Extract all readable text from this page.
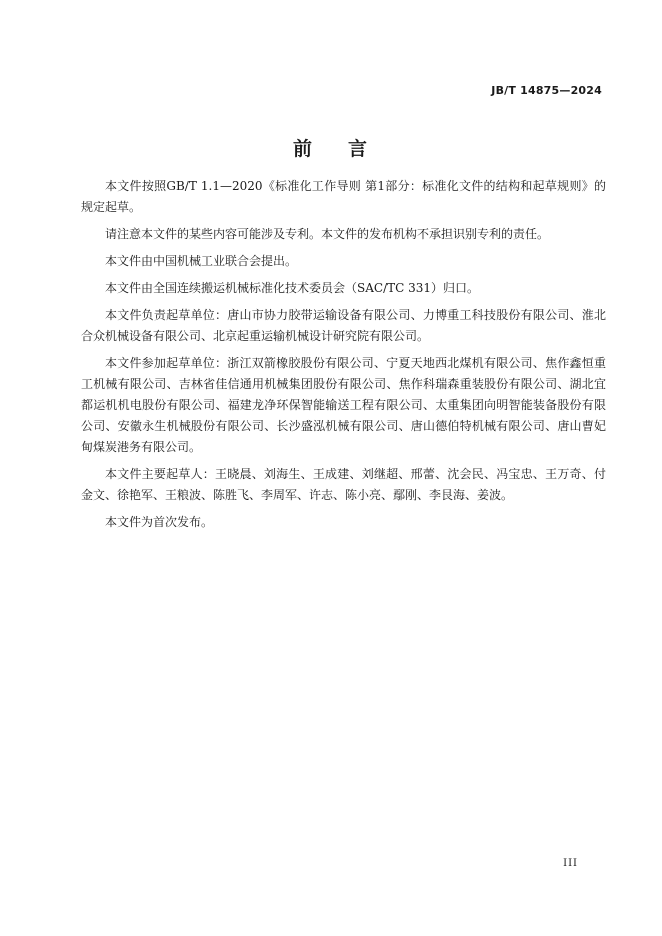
JB/T 14875—2024
前 言

本文件按照GB/T 1.1—2020《标准化工作导则 第1部分：标准化文件的结构和起草规则》的规定起草。

请注意本文件的某些内容可能涉及专利。本文件的发布机构不承担识别专利的责任。

本文件由中国机械工业联合会提出。

本文件由全国连续搬运机械标准化技术委员会（SAC/TC 331）归口。

本文件负责起草单位：唐山市协力胶带运输设备有限公司、力博重工科技股份有限公司、淮北合众机械设备有限公司、北京起重运输机械设计研究院有限公司。

本文件参加起草单位：浙江双箭橡胶股份有限公司、宁夏天地西北煤机有限公司、焦作鑫恒重工机械有限公司、吉林省佳信通用机械集团股份有限公司、焦作科瑞森重装股份有限公司、湖北宜都运机机电股份有限公司、福建龙净环保智能输送工程有限公司、太重集团向明智能装备股份有限公司、安徽永生机械股份有限公司、长沙盛泓机械有限公司、唐山德伯特机械有限公司、唐山曹妃甸煤炭港务有限公司。

本文件主要起草人：王晓晨、刘海生、王成建、刘继超、邢蕾、沈会民、冯宝忠、王万奇、付金文、徐艳军、王粮波、陈胜飞、李周军、许志、陈小亮、鄢刚、李艮海、姜波。

本文件为首次发布。

III
